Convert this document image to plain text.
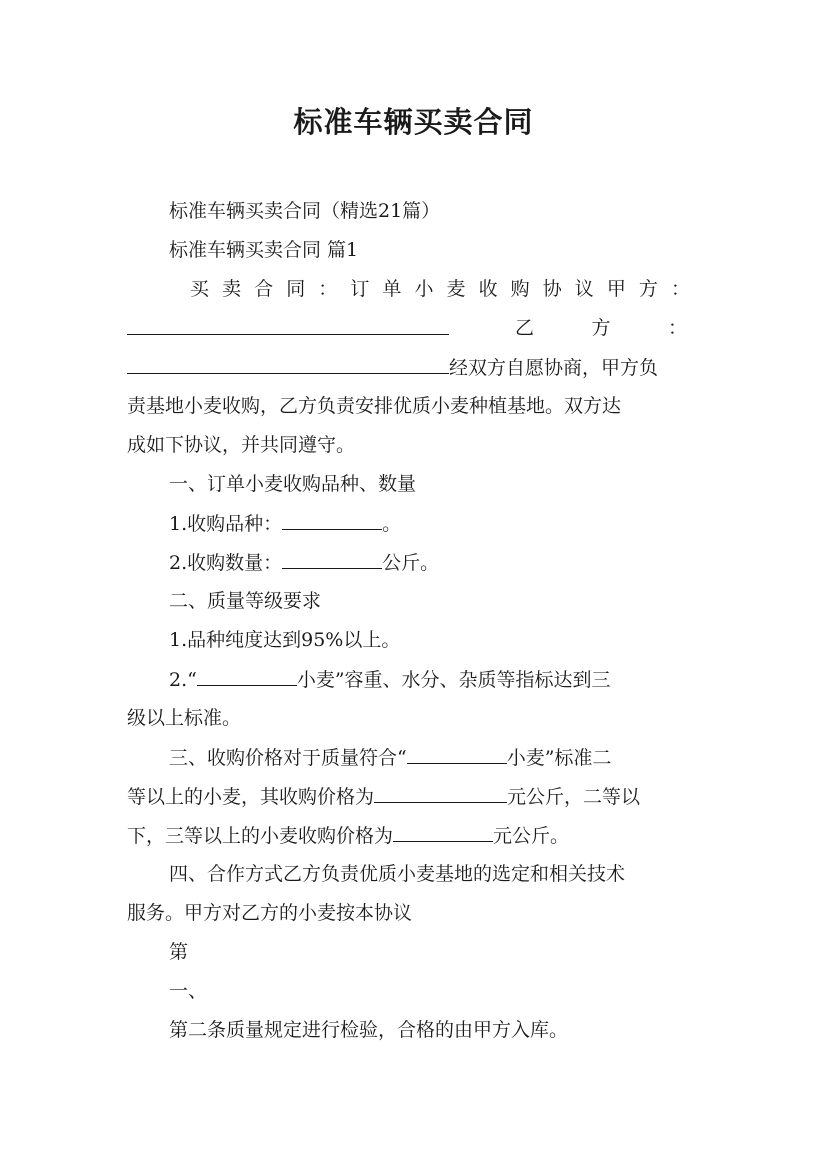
标准车辆买卖合同
标准车辆买卖合同（精选21篇）
标准车辆买卖合同 篇1
买 卖 合 同 ： 订 单 小 麦 收 购 协 议 甲 方 ：
乙	方	：
经双方自愿协商，甲方负
责基地小麦收购，乙方负责安排优质小麦种植基地。双方达
成如下协议，并共同遵守。
一、订单小麦收购品种、数量
1.收购品种：	。
2.收购数量：	公斤。
二、质量等级要求
1.品种纯度达到95%以上。
2.“	小麦”容重、水分、杂质等指标达到三
级以上标准。
三、收购价格对于质量符合“	小麦”标准二
等以上的小麦，其收购价格为	元公斤，二等以
下，三等以上的小麦收购价格为	元公斤。
四、合作方式乙方负责优质小麦基地的选定和相关技术
服务。甲方对乙方的小麦按本协议
第
一、
第二条质量规定进行检验，合格的由甲方入库。
